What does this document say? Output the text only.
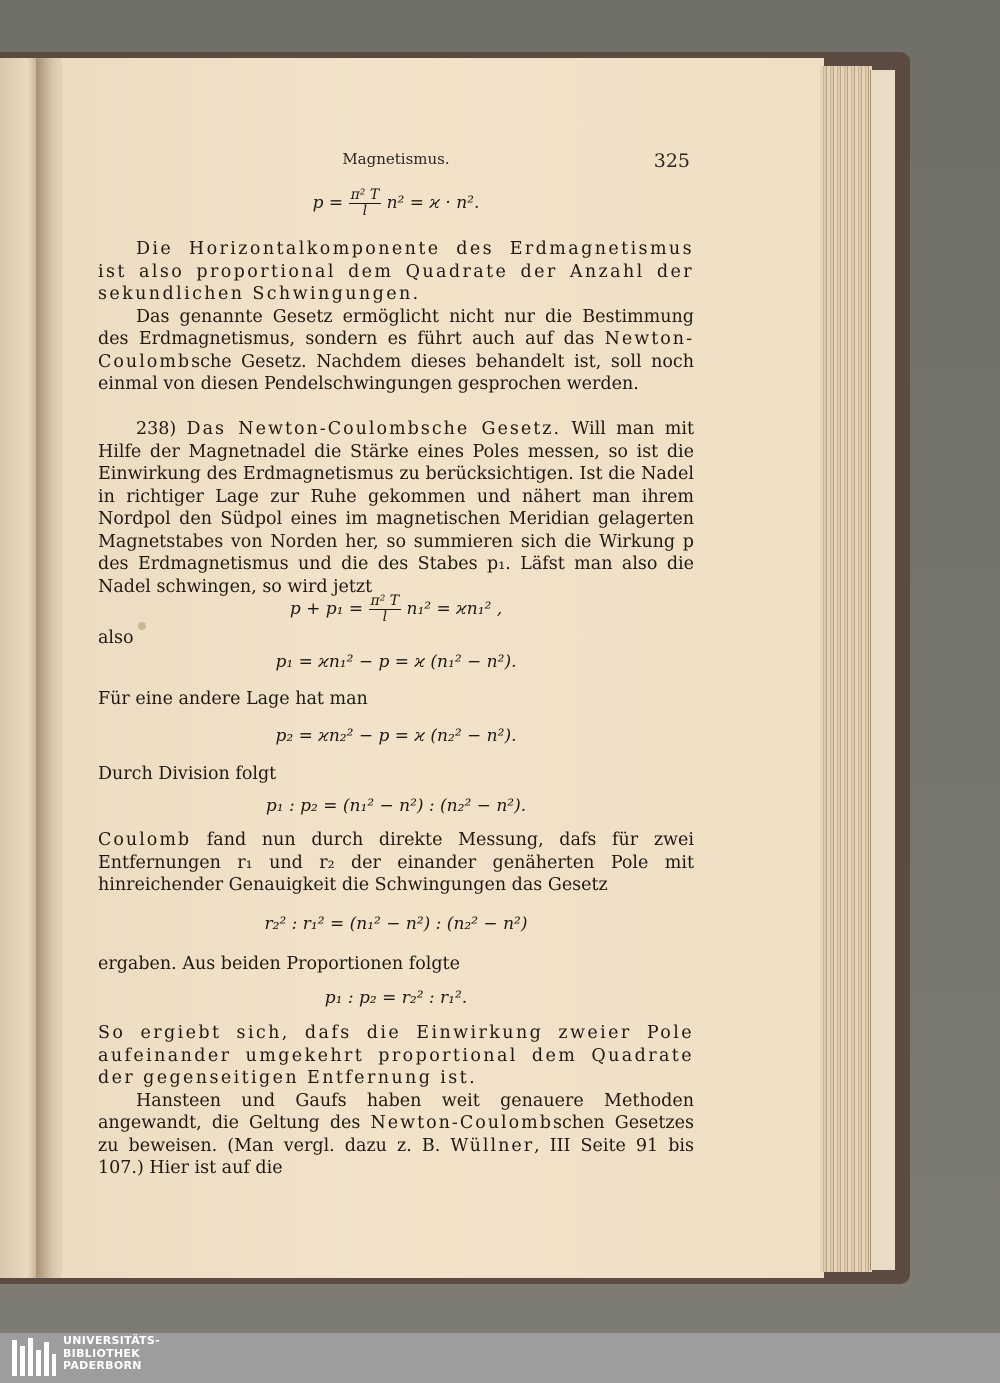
Magnetismus.	325
$p = \frac{\text{π² T}}{l} n^2 = ϰ \cdot n^2$.

Die Horizontalkomponente des Erdmagnetismus ist also proportional dem Quadrate der Anzahl der sekundlichen Schwingungen.

Das genannte Gesetz ermöglicht nicht nur die Bestimmung des Erdmagnetismus, sondern es führt auch auf das Newton-Coulombsche Gesetz. Nachdem dieses behandelt ist, soll noch einmal von diesen Pendelschwingungen gesprochen werden.

238) Das Newton-Coulombsche Gesetz. Will man mit Hilfe der Magnetnadel die Stärke eines Poles messen, so ist die Einwirkung des Erdmagnetismus zu berücksichtigen. Ist die Nadel in richtiger Lage zur Ruhe gekommen und nähert man ihrem Nordpol den Südpol eines im magnetischen Meridian gelagerten Magnetstabes von Norden her, so summieren sich die Wirkung p des Erdmagnetismus und die des Stabes p₁. Läfst man also die Nadel schwingen, so wird jetzt

$p + p_1 = \frac{\text{π² T}}{l} n_1^2 = ϰn_1^2$ ,
also
p₁ = ϰn₁² − p = ϰ (n₁² − n²).
Für eine andere Lage hat man
p₂ = ϰn₂² − p = ϰ (n₂² − n²).
Durch Division folgt
p₁ : p₂ = (n₁² − n²) : (n₂² − n²).

Coulomb fand nun durch direkte Messung, dafs für zwei Entfernungen r₁ und r₂ der einander genäherten Pole mit hinreichender Genauigkeit die Schwingungen das Gesetz

r₂² : r₁² = (n₁² − n²) : (n₂² − n²)
ergaben. Aus beiden Proportionen folgte
p₁ : p₂ = r₂² : r₁².

So ergiebt sich, dafs die Einwirkung zweier Pole aufeinander umgekehrt proportional dem Quadrate der gegenseitigen Entfernung ist.

Hansteen und Gaufs haben weit genauere Methoden angewandt, die Geltung des Newton-Coulombschen Gesetzes zu beweisen. (Man vergl. dazu z. B. Wüllner, III Seite 91 bis 107.) Hier ist auf die

UNIVERSITÄTS-
BIBLIOTHEK
PADERBORN
